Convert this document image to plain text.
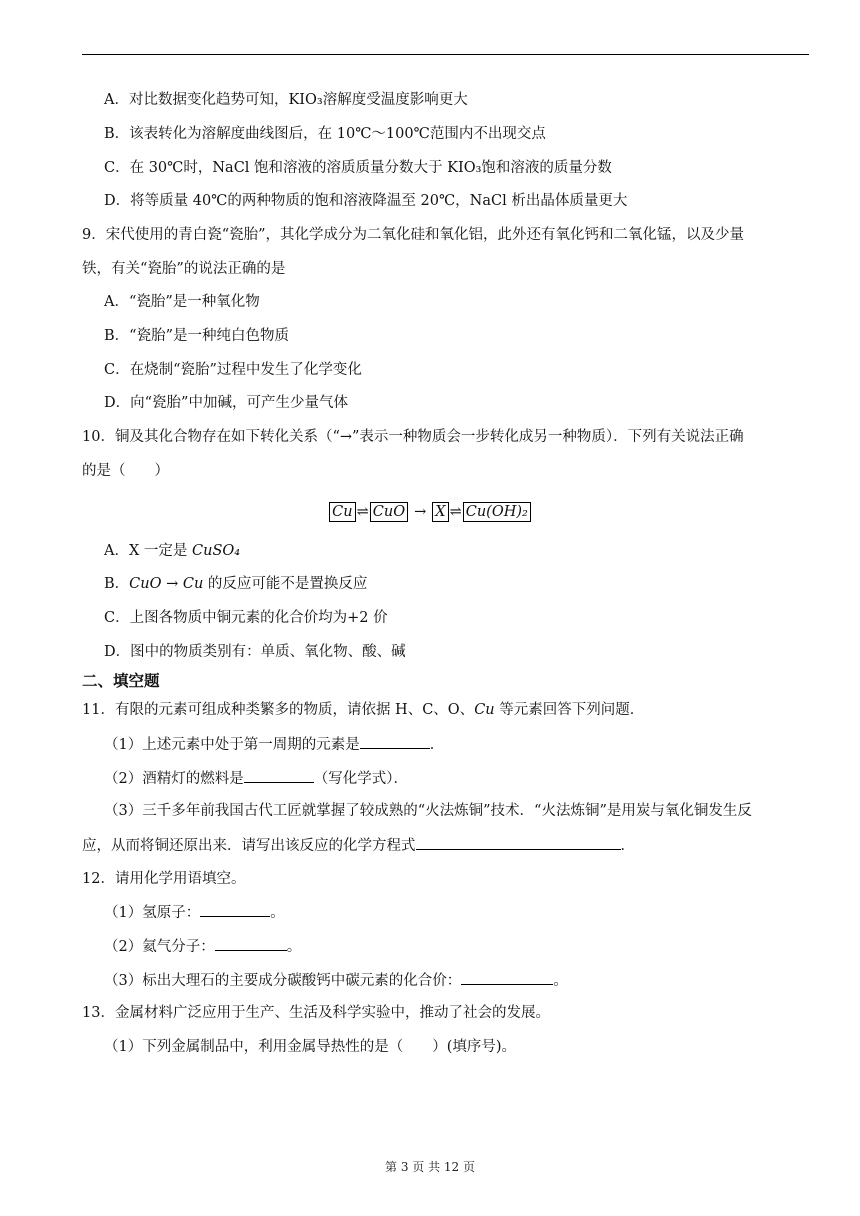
A．对比数据变化趋势可知，KIO₃溶解度受温度影响更大
B．该表转化为溶解度曲线图后，在 10℃～100℃范围内不出现交点
C．在 30℃时，NaCl 饱和溶液的溶质质量分数大于 KIO₃饱和溶液的质量分数
D．将等质量 40℃的两种物质的饱和溶液降温至 20℃，NaCl 析出晶体质量更大
9．宋代使用的青白瓷“瓷胎”，其化学成分为二氧化硅和氧化铝，此外还有氧化钙和二氧化锰，以及少量
铁，有关“瓷胎”的说法正确的是
A．“瓷胎”是一种氧化物
B．“瓷胎”是一种纯白色物质
C．在烧制“瓷胎”过程中发生了化学变化
D．向“瓷胎”中加碱，可产生少量气体
10．铜及其化合物存在如下转化关系（“→”表示一种物质会一步转化成另一种物质）．下列有关说法正确
的是（　　）
Cu ⇌ CuO → X ⇌ Cu(OH)₂
A．X 一定是 CuSO₄
B．CuO → Cu 的反应可能不是置换反应
C．上图各物质中铜元素的化合价均为+2 价
D．图中的物质类别有：单质、氧化物、酸、碱
二、填空题
11．有限的元素可组成种类繁多的物质，请依据 H、C、O、Cu 等元素回答下列问题．
（1）上述元素中处于第一周期的元素是	．
（2）酒精灯的燃料是	（写化学式）．
（3）三千多年前我国古代工匠就掌握了较成熟的“火法炼铜”技术．“火法炼铜”是用炭与氧化铜发生反
应，从而将铜还原出来．请写出该反应的化学方程式	．
12．请用化学用语填空。
（1）氢原子：	。
（2）氦气分子：	。
（3）标出大理石的主要成分碳酸钙中碳元素的化合价：	。
13．金属材料广泛应用于生产、生活及科学实验中，推动了社会的发展。
（1）下列金属制品中，利用金属导热性的是（　　）(填序号)。
第 3 页 共 12 页
